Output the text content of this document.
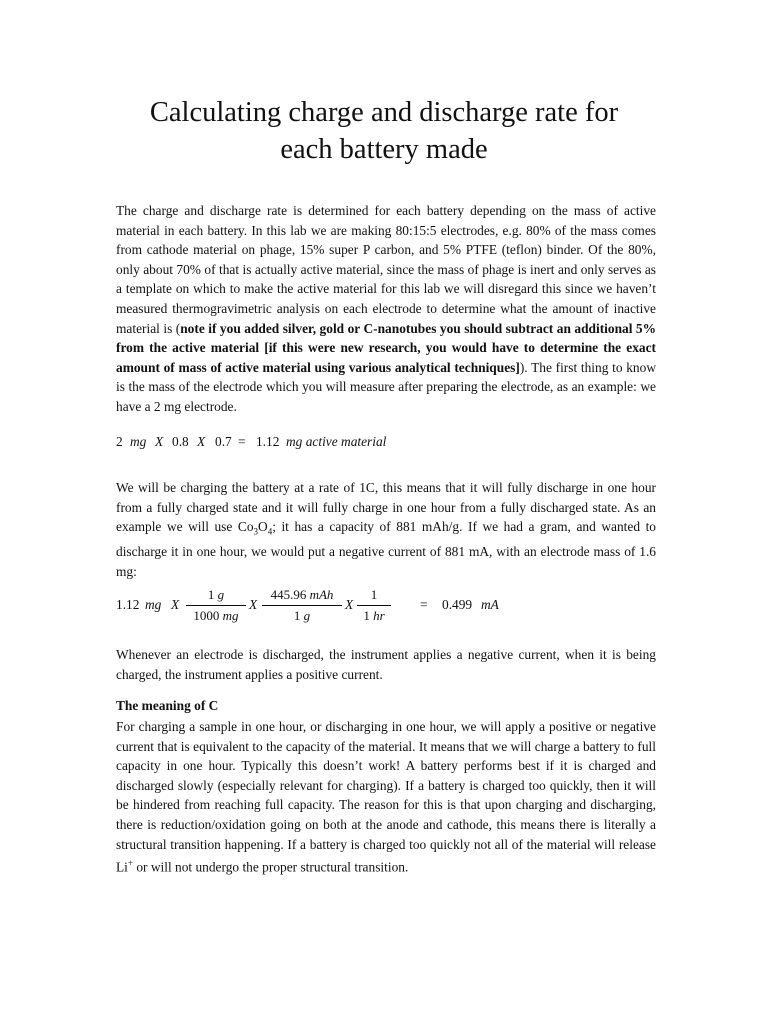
Calculating charge and discharge rate for
each battery made

The charge and discharge rate is determined for each battery depending on the mass of active material in each battery. In this lab we are making 80:15:5 electrodes, e.g. 80% of the mass comes from cathode material on phage, 15% super P carbon, and 5% PTFE (teflon) binder. Of the 80%, only about 70% of that is actually active material, since the mass of phage is inert and only serves as a template on which to make the active material for this lab we will disregard this since we haven’t measured thermogravimetric analysis on each electrode to determine what the amount of inactive material is (note if you added silver, gold or C-nanotubes you should subtract an additional 5% from the active material [if this were new research, you would have to determine the exact amount of mass of active material using various analytical techniques]). The first thing to know is the mass of the electrode which you will measure after preparing the electrode, as an example: we have a 2 mg electrode.

2 mg X 0.8 X 0.7 = 1.12 mg active material

We will be charging the battery at a rate of 1C, this means that it will fully discharge in one hour from a fully charged state and it will fully charge in one hour from a fully discharged state. As an example we will use $Co_3O_4$; it has a capacity of 881 mAh/g. If we had a gram, and wanted to discharge it in one hour, we would put a negative current of 881 mA, with an electrode mass of 1.6 mg:

1.12 mg X $\frac{1 g}{1000 mg}$ X
445.96 mAh
1 g
X $\frac{1}{1 hr} = 0.499$ mA

Whenever an electrode is discharged, the instrument applies a negative current, when it is being charged, the instrument applies a positive current.

The meaning of C

For charging a sample in one hour, or discharging in one hour, we will apply a positive or negative current that is equivalent to the capacity of the material. It means that we will charge a battery to full capacity in one hour. Typically this doesn’t work! A battery performs best if it is charged and discharged slowly (especially relevant for charging). If a battery is charged too quickly, then it will be hindered from reaching full capacity. The reason for this is that upon charging and discharging, there is reduction/oxidation going on both at the anode and cathode, this means there is literally a structural transition happening. If a battery is charged too quickly not all of the material will release Li+ or will not undergo the proper structural transition.
